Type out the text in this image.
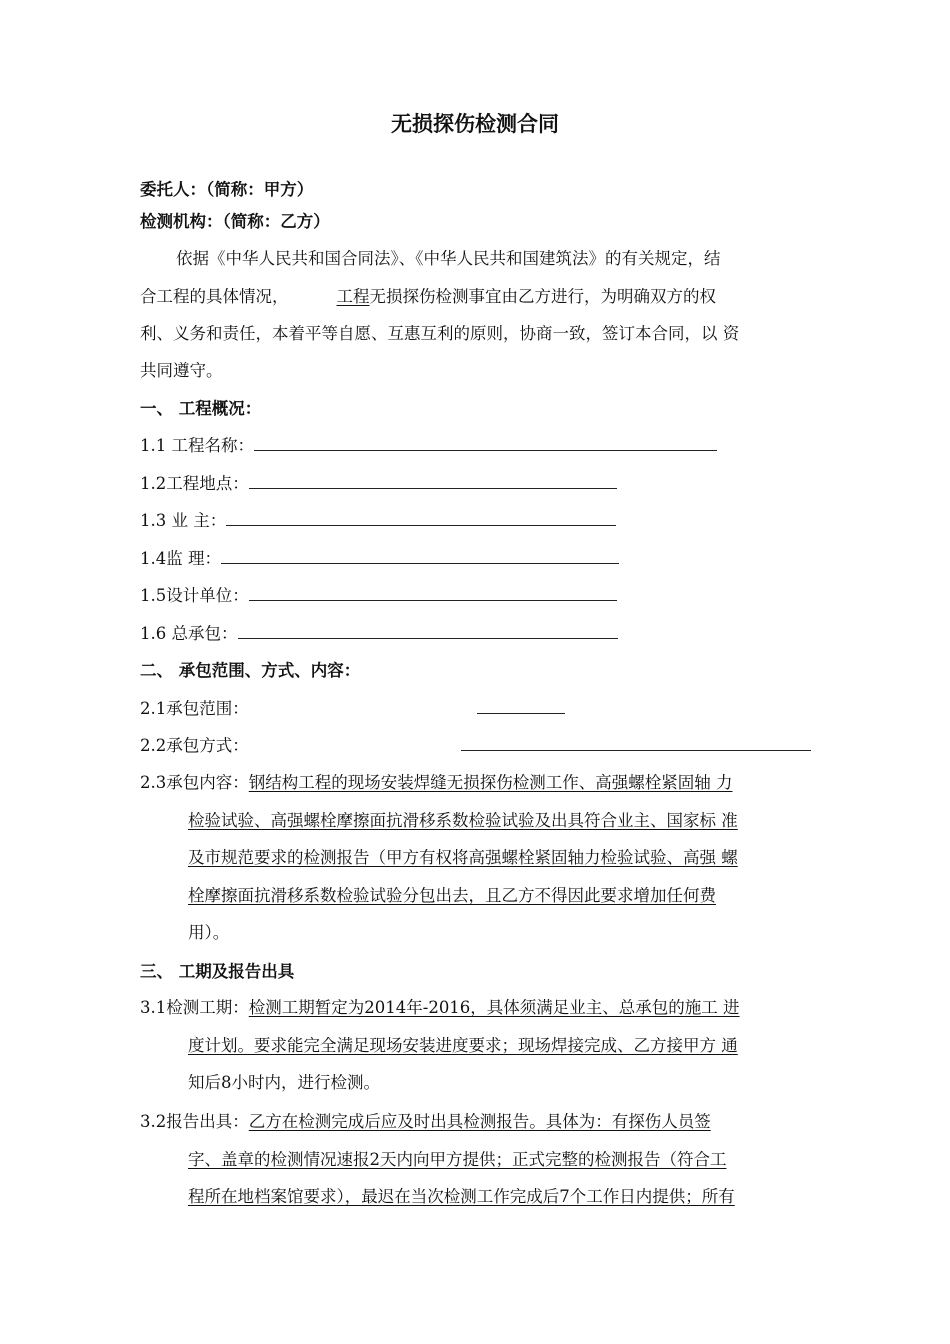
无损探伤检测合同
委托人：（简称：甲方）
检测机构：（简称：乙方）
依据《中华人民共和国合同法》、《中华人民共和国建筑法》的有关规定，结
合工程的具体情况，	工程无损探伤检测事宜由乙方进行，为明确双方的权
利、义务和责任，本着平等自愿、互惠互利的原则，协商一致，签订本合同，以 资
共同遵守。
一、 工程概况：
1.1 工程名称：
1.2工程地点：
1.3 业 主：
1.4监 理：
1.5设计单位：
1.6 总承包：
二、 承包范围、方式、内容：
2.1承包范围：
2.2承包方式：
2.3承包内容：钢结构工程的现场安装焊缝无损探伤检测工作、高强螺栓紧固轴 力
检验试验、高强螺栓摩擦面抗滑移系数检验试验及出具符合业主、国家标 准
及市规范要求的检测报告（甲方有权将高强螺栓紧固轴力检验试验、高强 螺
栓摩擦面抗滑移系数检验试验分包出去，且乙方不得因此要求增加任何费
用）。
三、 工期及报告出具
3.1检测工期：检测工期暂定为2014年-2016，具体须满足业主、总承包的施工 进
度计划。要求能完全满足现场安装进度要求；现场焊接完成、乙方接甲方 通
知后8小时内，进行检测。
3.2报告出具：乙方在检测完成后应及时出具检测报告。具体为：有探伤人员签
字、盖章的检测情况速报2天内向甲方提供；正式完整的检测报告（符合工
程所在地档案馆要求），最迟在当次检测工作完成后7个工作日内提供；所有
